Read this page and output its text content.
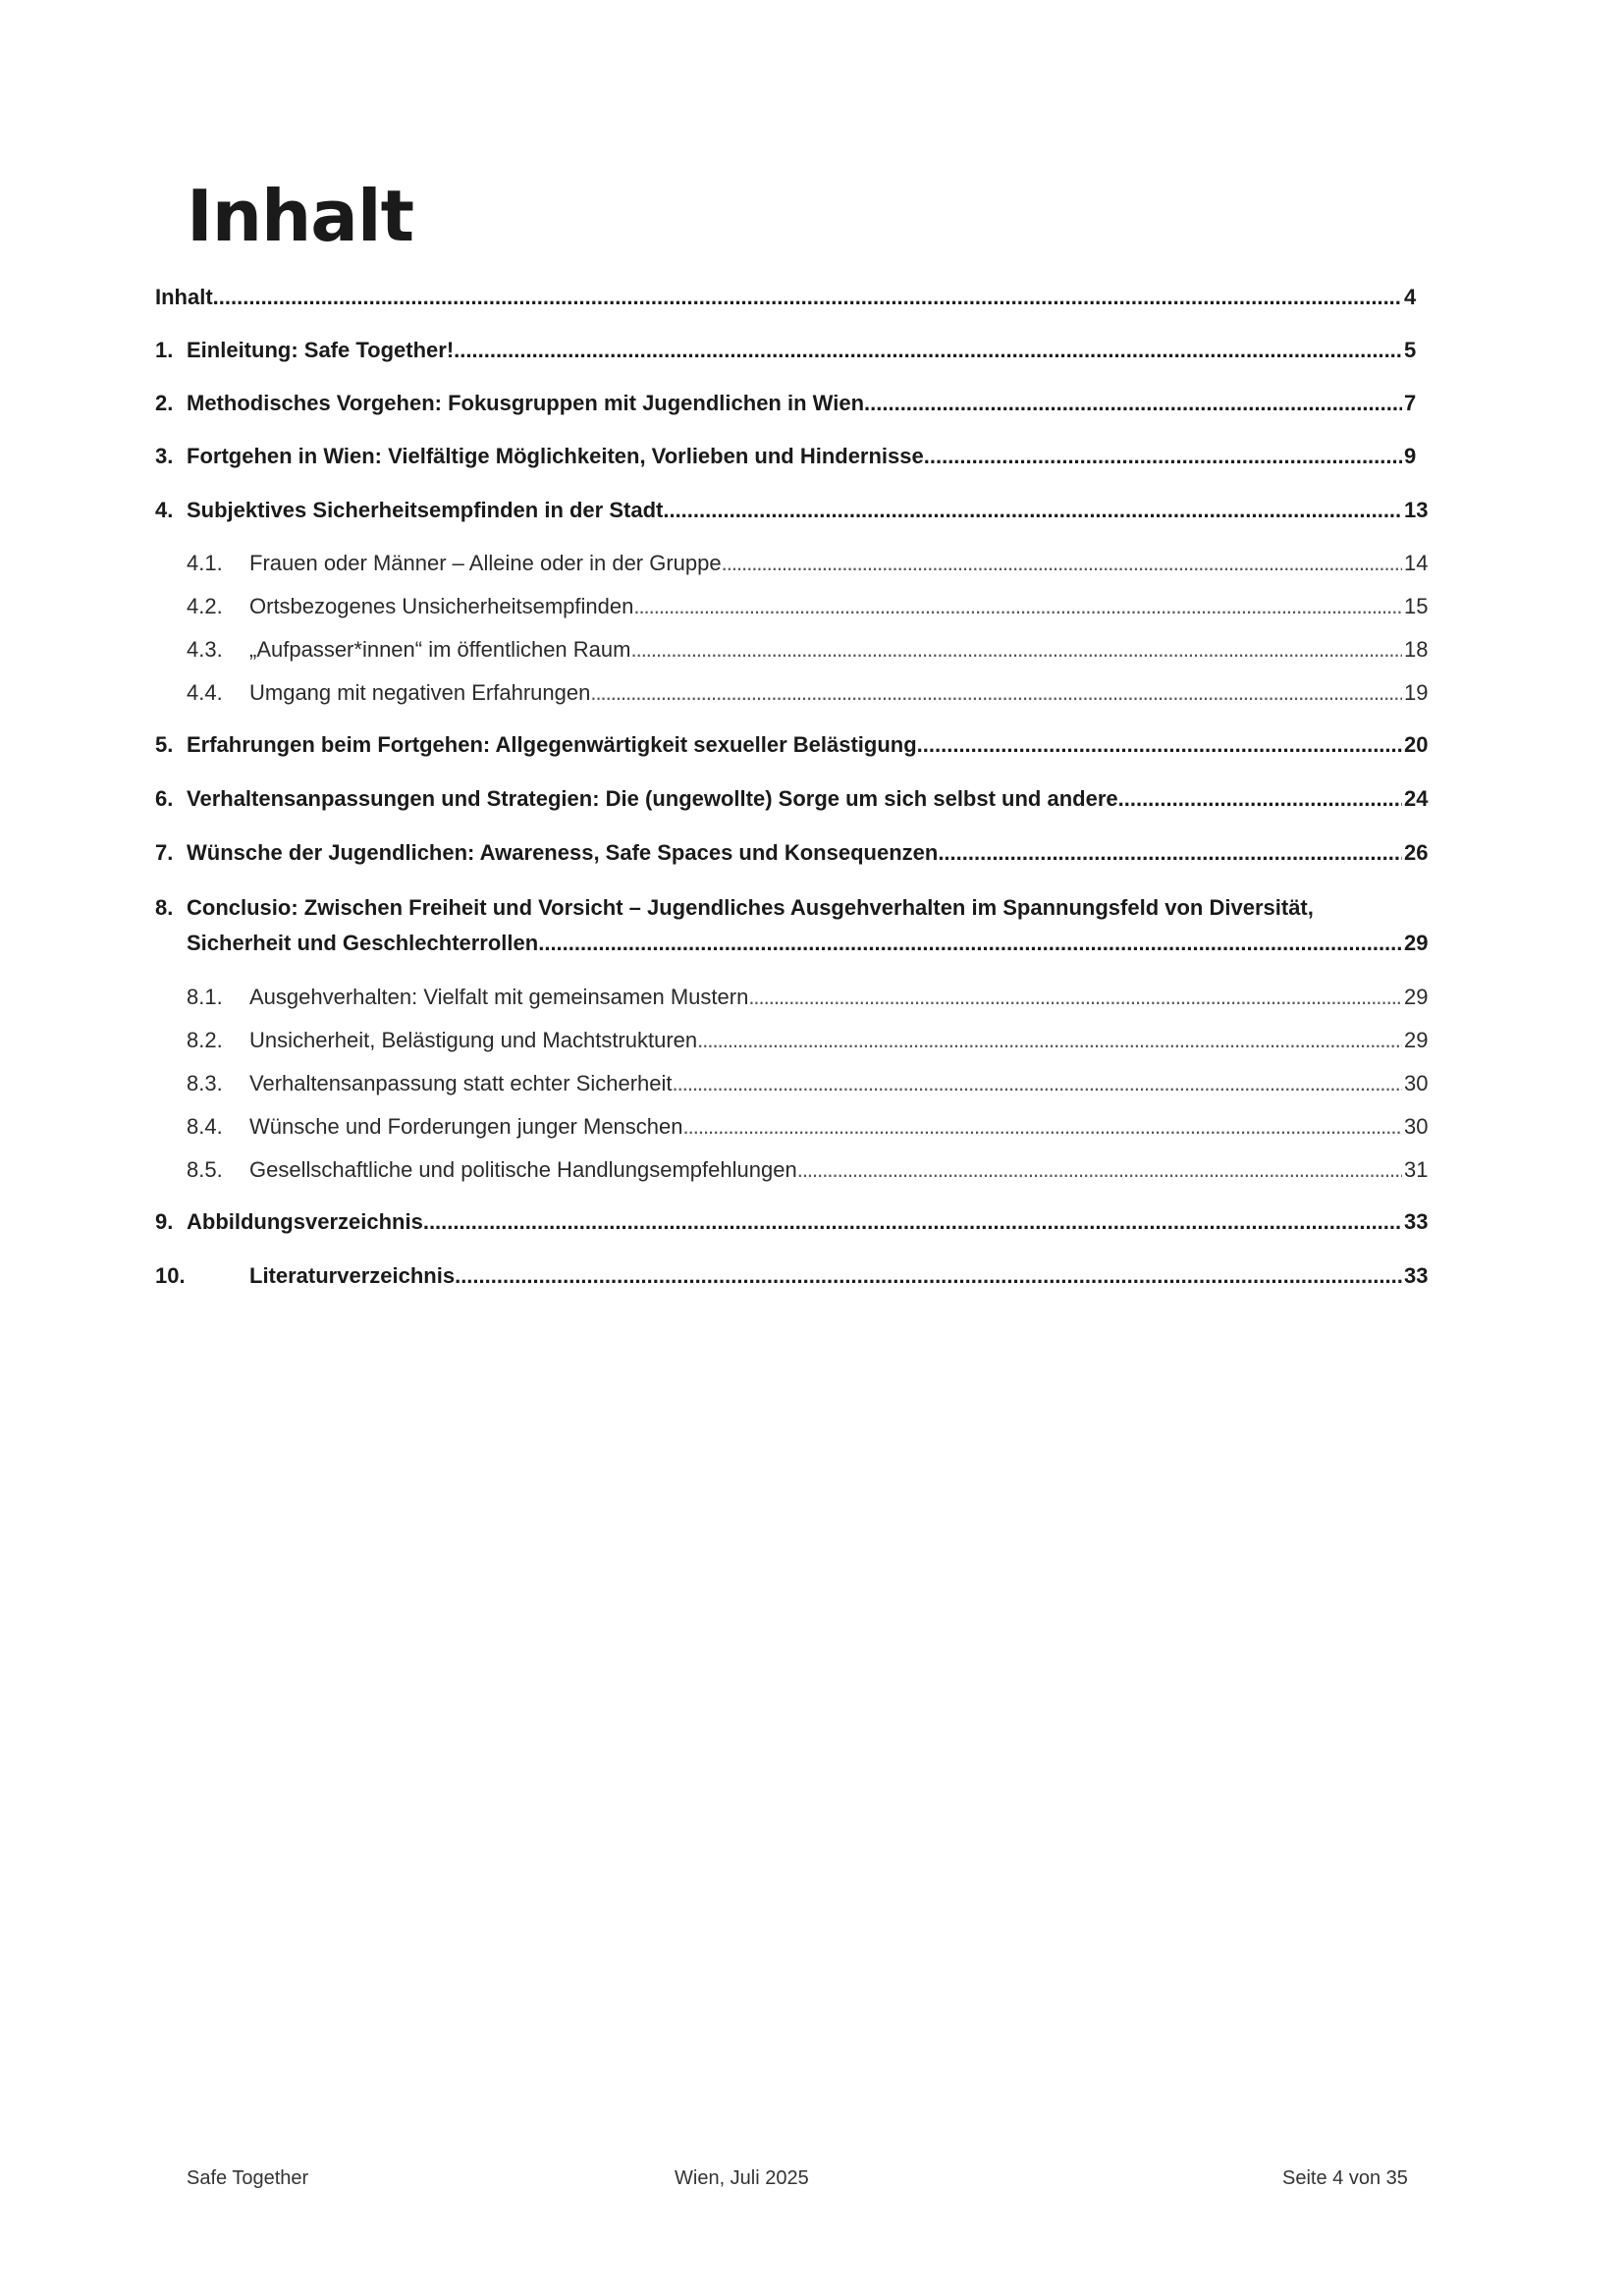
Inhalt
Inhalt .....	4
1. Einleitung: Safe Together! .....	5
2. Methodisches Vorgehen: Fokusgruppen mit Jugendlichen in Wien .....	7
3. Fortgehen in Wien: Vielfältige Möglichkeiten, Vorlieben und Hindernisse .....	9
4. Subjektives Sicherheitsempfinden in der Stadt .....	13
4.1. Frauen oder Männer – Alleine oder in der Gruppe .....	14
4.2. Ortsbezogenes Unsicherheitsempfinden .....	15
4.3. „Aufpasser*innen“ im öffentlichen Raum .....	18
4.4. Umgang mit negativen Erfahrungen .....	19
5. Erfahrungen beim Fortgehen: Allgegenwärtigkeit sexueller Belästigung .....	20
6. Verhaltensanpassungen und Strategien: Die (ungewollte) Sorge um sich selbst und andere .....	24
7. Wünsche der Jugendlichen: Awareness, Safe Spaces und Konsequenzen .....	26
8. Conclusio: Zwischen Freiheit und Vorsicht – Jugendliches Ausgehverhalten im Spannungsfeld von Diversität,
Sicherheit und Geschlechterrollen .....	29
8.1. Ausgehverhalten: Vielfalt mit gemeinsamen Mustern .....	29
8.2. Unsicherheit, Belästigung und Machtstrukturen .....	29
8.3. Verhaltensanpassung statt echter Sicherheit .....	30
8.4. Wünsche und Forderungen junger Menschen .....	30
8.5. Gesellschaftliche und politische Handlungsempfehlungen .....	31
9. Abbildungsverzeichnis .....	33
10.	Literaturverzeichnis .....	33
Safe Together	Wien, Juli 2025	Seite 4 von 35
